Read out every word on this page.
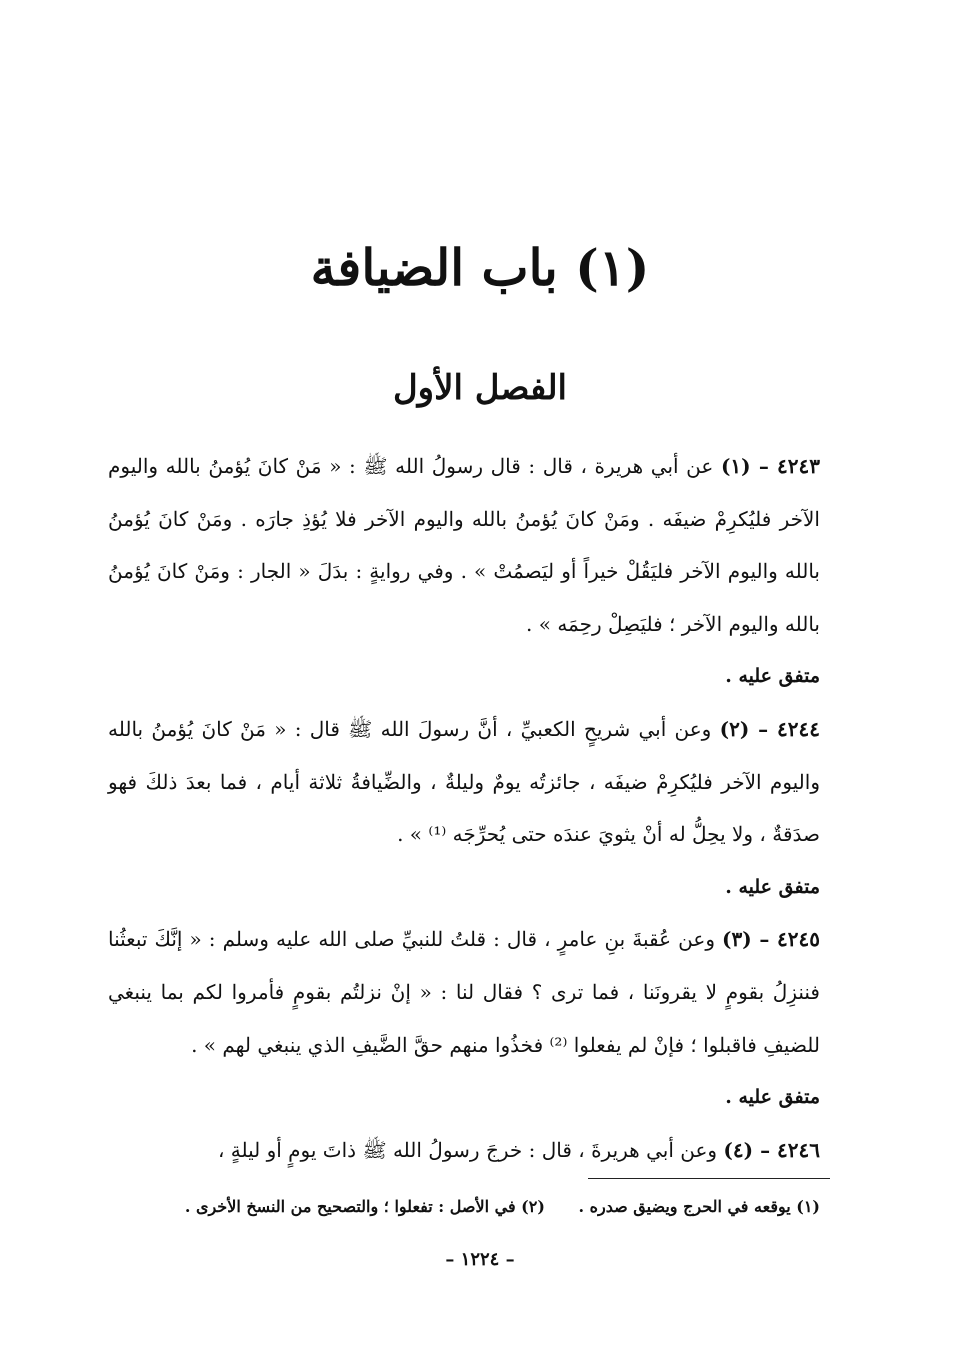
(١) باب الضيافة
الفصل الأول

٤٢٤٣ – (١) عن أبي هريرة ، قال : قال رسولُ الله ﷺ : « مَنْ كانَ يُؤمنُ بالله واليوم الآخر فليُكرِمْ ضيفَه . ومَنْ كانَ يُؤمنُ بالله واليوم الآخر فلا يُؤذِ جارَه . ومَنْ كانَ يُؤمنُ بالله واليوم الآخر فليَقُلْ خيراً أو ليَصمُتْ » . وفي روايةٍ : بدَلَ « الجار : ومَنْ كانَ يُؤمنُ بالله واليوم الآخر ؛ فليَصِلْ رحِمَه » .
متفق عليه .

٤٢٤٤ – (٢) وعن أبي شريحٍ الكعبيِّ ، أنَّ رسولَ الله ﷺ قال : « مَنْ كانَ يُؤمنُ بالله واليوم الآخر فليُكرِمْ ضيفَه ، جائزتُه يومٌ وليلةٌ ، والضِّيافةُ ثلاثة أيام ، فما بعدَ ذلكَ فهو صدَقةٌ ، ولا يحِلُّ له أنْ يثويَ عندَه حتى يُحرِّجَه ⁽¹⁾ » .
متفق عليه .

٤٢٤٥ – (٣) وعن عُقبةَ بنِ عامرٍ ، قال : قلتُ للنبيِّ صلى الله عليه وسلم : « إنَّكَ تبعثُنا فننزِلُ بقومٍ لا يقرونَنا ، فما ترى ؟ فقال لنا : « إنْ نزلتُم بقومٍ فأمروا لكم بما ينبغي للضيفِ فاقبلوا ؛ فإنْ لم يفعلوا ⁽²⁾ فخذُوا منهم حقَّ الضَّيفِ الذي ينبغي لهم » .
متفق عليه .

٤٢٤٦ – (٤) وعن أبي هريرةَ ، قال : خرجَ رسولُ الله ﷺ ذاتَ يومٍ أو ليلةٍ ،

(١) يوقعه في الحرج ويضيق صدره . (٢) في الأصل : تفعلوا ؛ والتصحيح من النسخ الأخرى .
– ١٢٢٤ –
